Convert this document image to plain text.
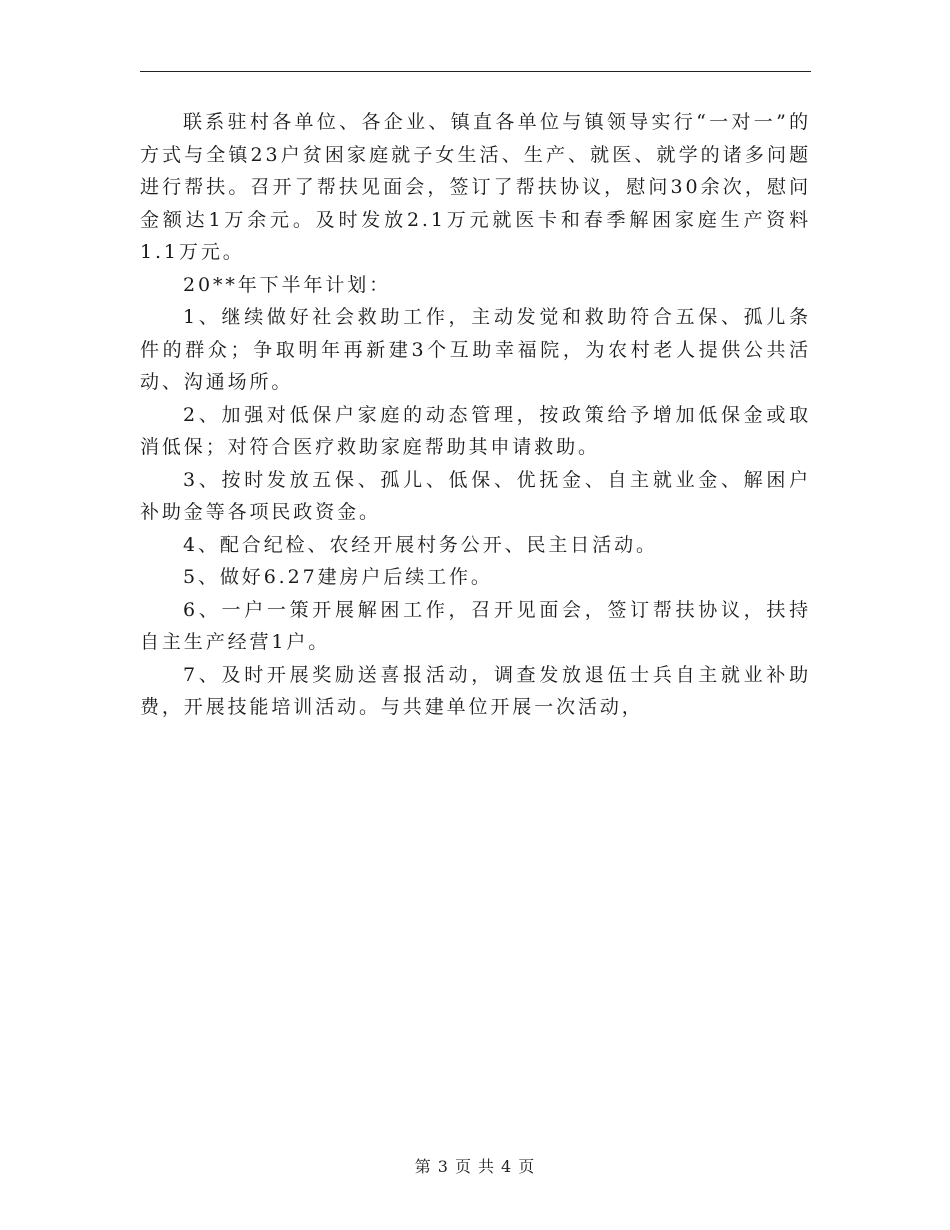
联系驻村各单位、各企业、镇直各单位与镇领导实行“一对一”的方式与全镇23户贫困家庭就子女生活、生产、就医、就学的诸多问题进行帮扶。召开了帮扶见面会，签订了帮扶协议，慰问30余次，慰问金额达1万余元。及时发放2.1万元就医卡和春季解困家庭生产资料1.1万元。

20**年下半年计划：

1、继续做好社会救助工作，主动发觉和救助符合五保、孤儿条件的群众；争取明年再新建3个互助幸福院，为农村老人提供公共活动、沟通场所。

2、加强对低保户家庭的动态管理，按政策给予增加低保金或取消低保；对符合医疗救助家庭帮助其申请救助。

3、按时发放五保、孤儿、低保、优抚金、自主就业金、解困户补助金等各项民政资金。

4、配合纪检、农经开展村务公开、民主日活动。

5、做好6.27建房户后续工作。

6、一户一策开展解困工作，召开见面会，签订帮扶协议，扶持自主生产经营1户。

7、及时开展奖励送喜报活动，调查发放退伍士兵自主就业补助费，开展技能培训活动。与共建单位开展一次活动，

第 3 页 共 4 页
